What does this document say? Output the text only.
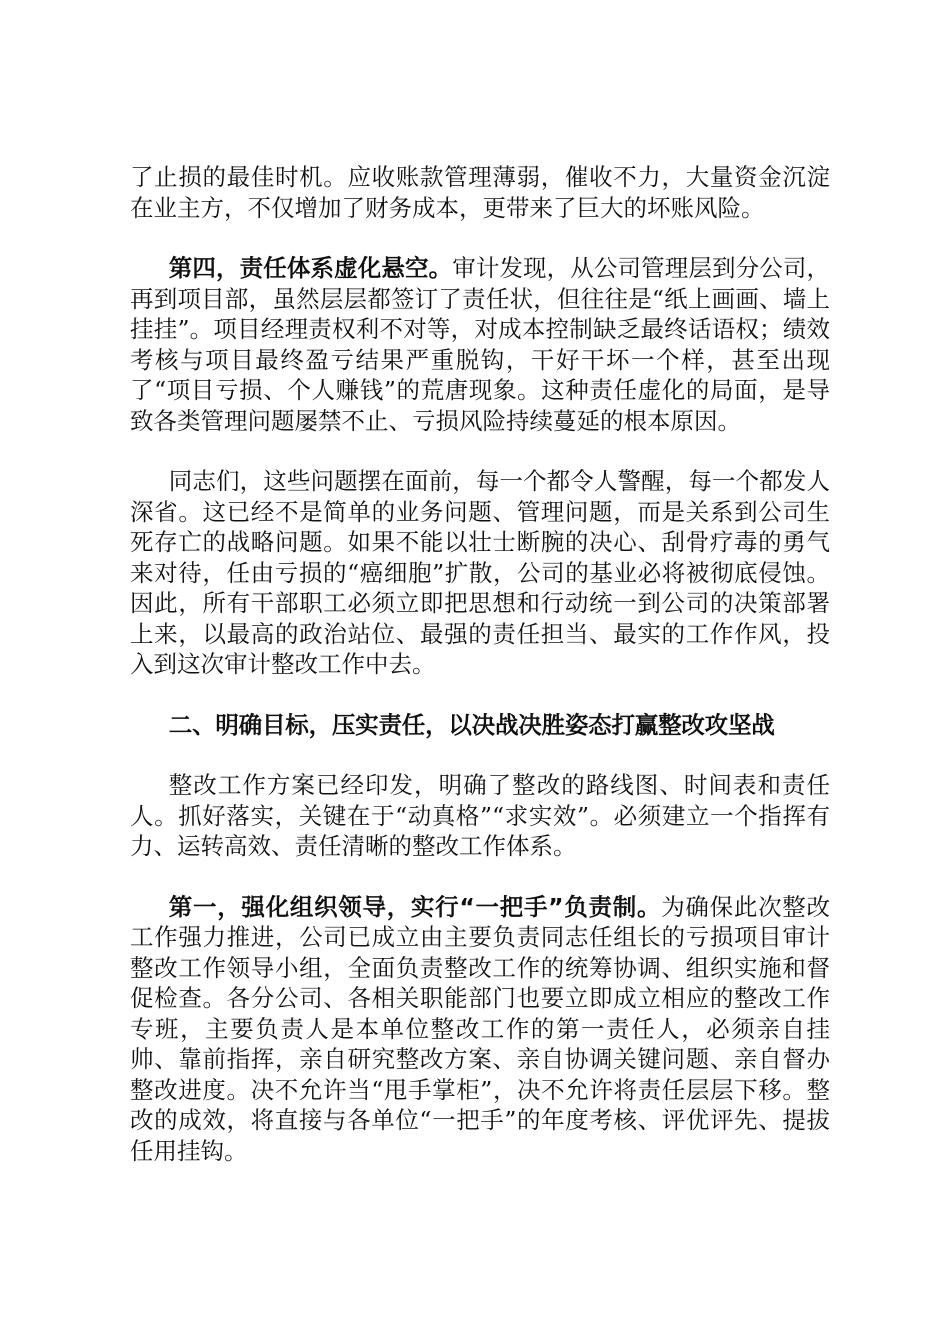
了止损的最佳时机。应收账款管理薄弱，催收不力，大量资金沉淀在业主方，不仅增加了财务成本，更带来了巨大的坏账风险。

第四，责任体系虚化悬空。审计发现，从公司管理层到分公司，再到项目部，虽然层层都签订了责任状，但往往是“纸上画画、墙上挂挂”。项目经理责权利不对等，对成本控制缺乏最终话语权；绩效考核与项目最终盈亏结果严重脱钩，干好干坏一个样，甚至出现了“项目亏损、个人赚钱”的荒唐现象。这种责任虚化的局面，是导致各类管理问题屡禁不止、亏损风险持续蔓延的根本原因。

同志们，这些问题摆在面前，每一个都令人警醒，每一个都发人深省。这已经不是简单的业务问题、管理问题，而是关系到公司生死存亡的战略问题。如果不能以壮士断腕的决心、刮骨疗毒的勇气来对待，任由亏损的“癌细胞”扩散，公司的基业必将被彻底侵蚀。因此，所有干部职工必须立即把思想和行动统一到公司的决策部署上来，以最高的政治站位、最强的责任担当、最实的工作作风，投入到这次审计整改工作中去。

二、明确目标，压实责任，以决战决胜姿态打赢整改攻坚战

整改工作方案已经印发，明确了整改的路线图、时间表和责任人。抓好落实，关键在于“动真格”“求实效”。必须建立一个指挥有力、运转高效、责任清晰的整改工作体系。

第一，强化组织领导，实行“一把手”负责制。为确保此次整改工作强力推进，公司已成立由主要负责同志任组长的亏损项目审计整改工作领导小组，全面负责整改工作的统筹协调、组织实施和督促检查。各分公司、各相关职能部门也要立即成立相应的整改工作专班，主要负责人是本单位整改工作的第一责任人，必须亲自挂帅、靠前指挥，亲自研究整改方案、亲自协调关键问题、亲自督办整改进度。决不允许当“甩手掌柜”，决不允许将责任层层下移。整改的成效，将直接与各单位“一把手”的年度考核、评优评先、提拔任用挂钩。
